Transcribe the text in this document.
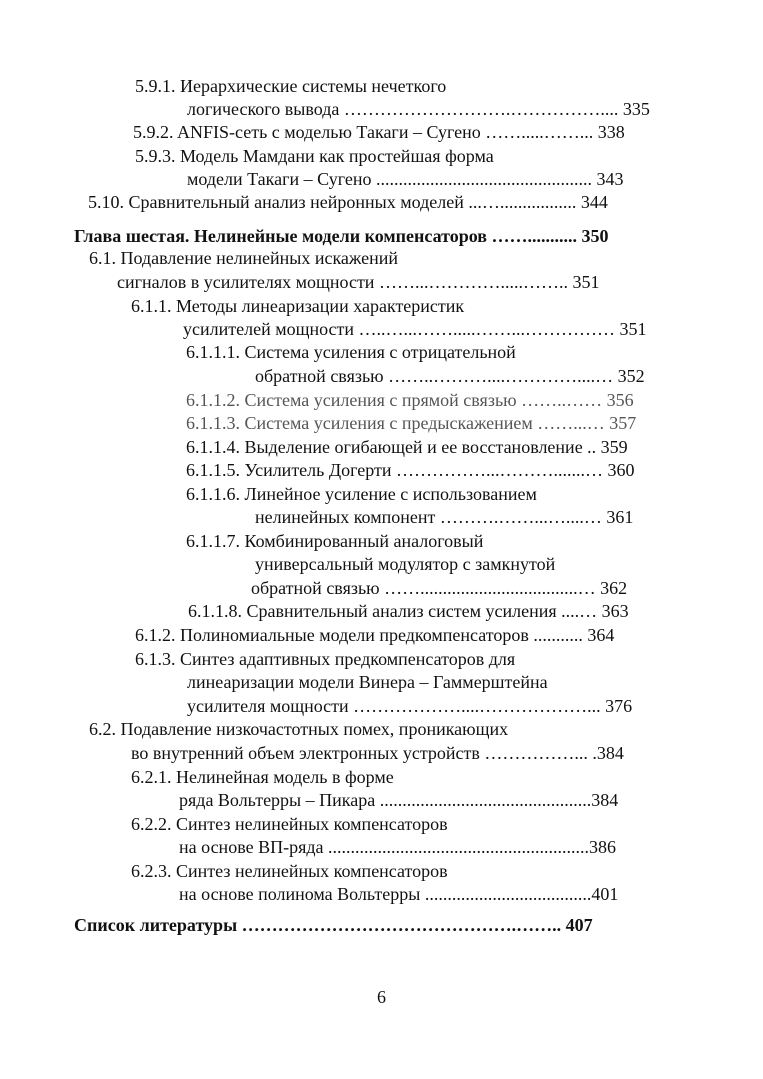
5.9.1. Иерархические системы нечеткого
логического вывода ……………………….…………….... 335
5.9.2. ANFIS-сеть с моделью Такаги – Сугено …….....……... 338
5.9.3. Модель Мамдани как простейшая форма
модели Такаги – Сугено ................................................ 343
5.10. Сравнительный анализ нейронных моделей ...…................. 344
Глава шестая. Нелинейные модели компенсаторов ……........... 350
6.1. Подавление нелинейных искажений
сигналов в усилителях мощности ……...………….....…….. 351
6.1.1. Методы линеаризации характеристик
усилителей мощности …..…...…….....……...…………… 351
6.1.1.1. Система усиления с отрицательной
обратной связью ……..………....…………....… 352
6.1.1.2. Система усиления с прямой связью ……..…… 356
6.1.1.3. Система усиления с предыскажением ……...… 357
6.1.1.4. Выделение огибающей и ее восстановление .. 359
6.1.1.5. Усилитель Догерти ……………...……….......… 360
6.1.1.6. Линейное усиление с использованием
нелинейных компонент ……….……...…....… 361
6.1.1.7. Комбинированный аналоговый
универсальный модулятор с замкнутой
обратной связью ……...................................… 362
6.1.1.8. Сравнительный анализ систем усиления ....… 363
6.1.2. Полиномиальные модели предкомпенсаторов ........... 364
6.1.3. Синтез адаптивных предкомпенсаторов для
линеаризации модели Винера – Гаммерштейна
усилителя мощности ………………....………………... 376
6.2. Подавление низкочастотных помех, проникающих
во внутренний объем электронных устройств ……………... .384
6.2.1. Нелинейная модель в форме
ряда Вольтерры – Пикара ...............................................384
6.2.2. Синтез нелинейных компенсаторов
на основе ВП-ряда ..........................................................386
6.2.3. Синтез нелинейных компенсаторов
на основе полинома Вольтерры .....................................401
Список литературы ……………………………………….…….. 407
6
